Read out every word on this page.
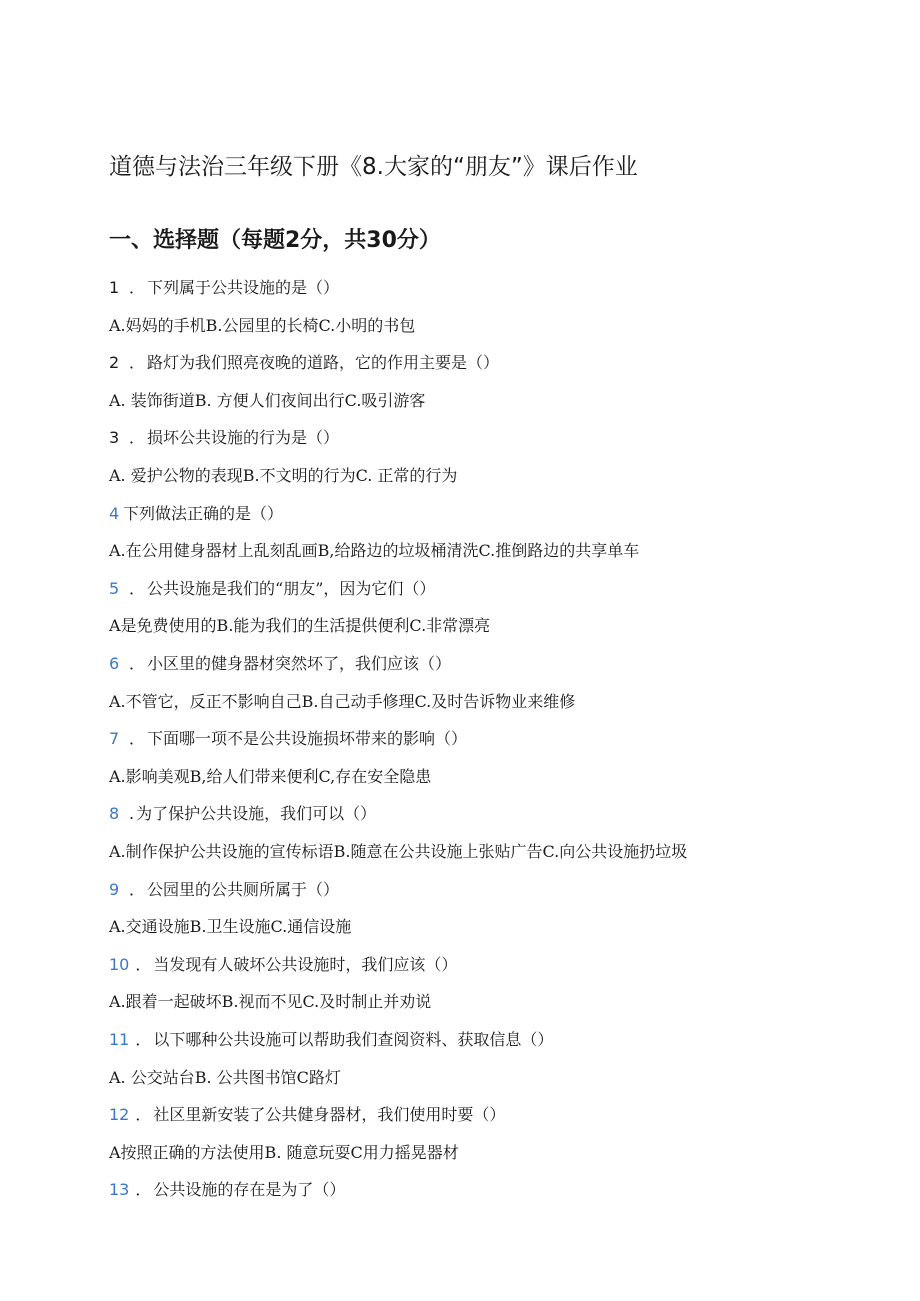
道德与法治三年级下册《8.大家的“朋友”》课后作业
一、选择题（每题2分，共30分）
1 ． 下列属于公共设施的是（）
A.妈妈的手机B.公园里的长椅C.小明的书包
2 ． 路灯为我们照亮夜晚的道路，它的作用主要是（）
A. 装饰街道B. 方便人们夜间出行C.吸引游客
3 ． 损坏公共设施的行为是（）
A. 爱护公物的表现B.不文明的行为C. 正常的行为
4 下列做法正确的是（）
A.在公用健身器材上乱刻乱画B,给路边的垃圾桶清洗C.推倒路边的共享单车
5 ． 公共设施是我们的“朋友”，因为它们（）
A是免费使用的B.能为我们的生活提供便利C.非常漂亮
6 ． 小区里的健身器材突然坏了，我们应该（）
A.不管它，反正不影响自己B.自己动手修理C.及时告诉物业来维修
7 ． 下面哪一项不是公共设施损坏带来的影响（）
A.影响美观B,给人们带来便利C,存在安全隐患
8 . 为了保护公共设施，我们可以（）
A.制作保护公共设施的宣传标语B.随意在公共设施上张贴广告C.向公共设施扔垃圾
9 ． 公园里的公共厕所属于（）
A.交通设施B.卫生设施C.通信设施
10 ． 当发现有人破坏公共设施时，我们应该（）
A.跟着一起破坏B.视而不见C.及时制止并劝说
11 ． 以下哪种公共设施可以帮助我们查阅资料、获取信息（）
A. 公交站台B. 公共图书馆C路灯
12 ． 社区里新安装了公共健身器材，我们使用时要（）
A按照正确的方法使用B. 随意玩耍C用力摇晃器材
13 ． 公共设施的存在是为了（）
